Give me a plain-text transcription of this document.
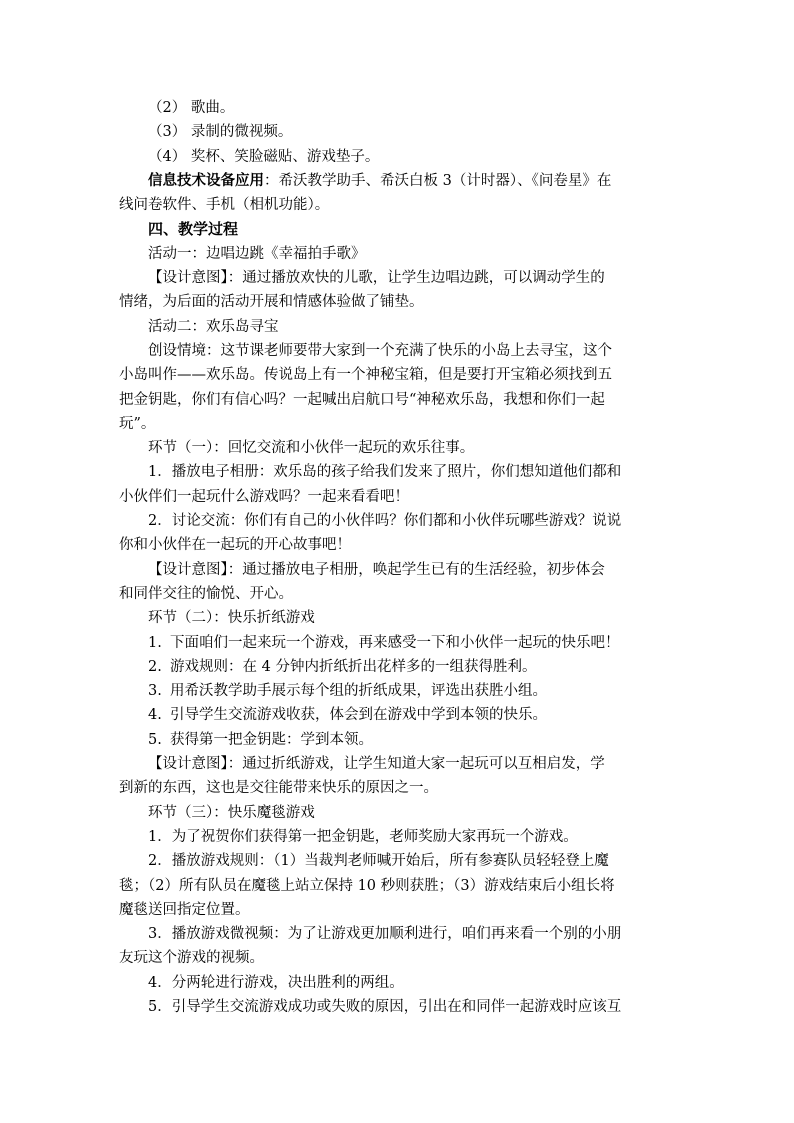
（2） 歌曲。
（3） 录制的微视频。
（4） 奖杯、笑脸磁贴、游戏垫子。
信息技术设备应用：希沃教学助手、希沃白板 3（计时器）、《问卷星》在
线问卷软件、手机（相机功能）。
四、教学过程
活动一：边唱边跳《幸福拍手歌》
【设计意图】：通过播放欢快的儿歌，让学生边唱边跳，可以调动学生的
情绪，为后面的活动开展和情感体验做了铺垫。
活动二：欢乐岛寻宝
创设情境：这节课老师要带大家到一个充满了快乐的小岛上去寻宝，这个
小岛叫作——欢乐岛。传说岛上有一个神秘宝箱，但是要打开宝箱必须找到五
把金钥匙，你们有信心吗？一起喊出启航口号“神秘欢乐岛，我想和你们一起
玩”。
环节（一）：回忆交流和小伙伴一起玩的欢乐往事。
1．播放电子相册：欢乐岛的孩子给我们发来了照片，你们想知道他们都和
小伙伴们一起玩什么游戏吗？一起来看看吧！
2．讨论交流：你们有自己的小伙伴吗？你们都和小伙伴玩哪些游戏？说说
你和小伙伴在一起玩的开心故事吧！
【设计意图】：通过播放电子相册，唤起学生已有的生活经验，初步体会
和同伴交往的愉悦、开心。
环节（二）：快乐折纸游戏
1. 下面咱们一起来玩一个游戏，再来感受一下和小伙伴一起玩的快乐吧！
2. 游戏规则：在 4 分钟内折纸折出花样多的一组获得胜利。
3. 用希沃教学助手展示每个组的折纸成果，评选出获胜小组。
4. 引导学生交流游戏收获，体会到在游戏中学到本领的快乐。
5. 获得第一把金钥匙：学到本领。
【设计意图】：通过折纸游戏，让学生知道大家一起玩可以互相启发，学
到新的东西，这也是交往能带来快乐的原因之一。
环节（三）：快乐魔毯游戏
1．为了祝贺你们获得第一把金钥匙，老师奖励大家再玩一个游戏。
2．播放游戏规则：（1）当裁判老师喊开始后，所有参赛队员轻轻登上魔
毯；（2）所有队员在魔毯上站立保持 10 秒则获胜；（3）游戏结束后小组长将
魔毯送回指定位置。
3．播放游戏微视频：为了让游戏更加顺利进行，咱们再来看一个别的小朋
友玩这个游戏的视频。
4．分两轮进行游戏，决出胜利的两组。
5．引导学生交流游戏成功或失败的原因，引出在和同伴一起游戏时应该互
